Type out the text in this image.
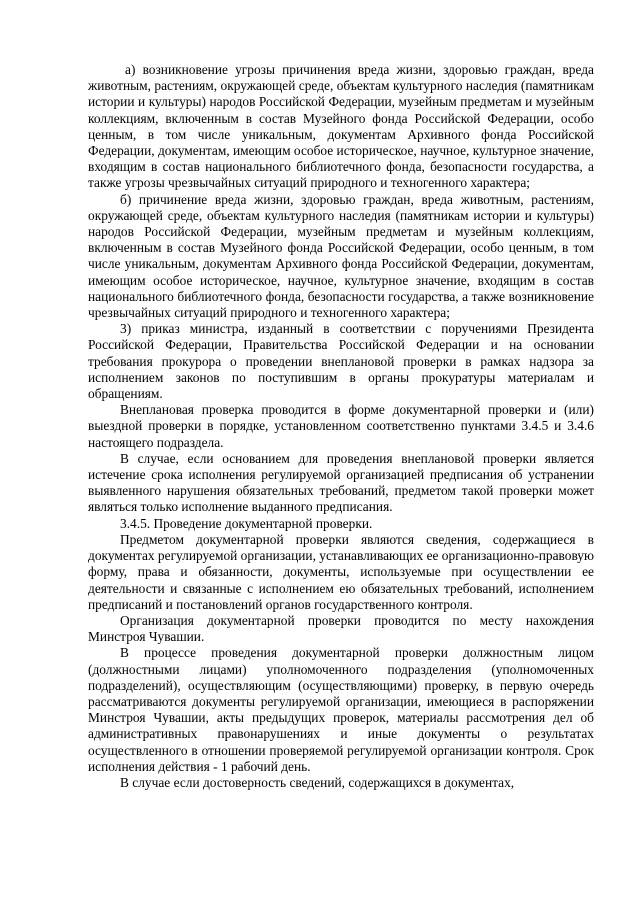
а) возникновение угрозы причинения вреда жизни, здоровью граждан, вреда животным, растениям, окружающей среде, объектам культурного наследия (памятникам истории и культуры) народов Российской Федерации, музейным предметам и музейным коллекциям, включенным в состав Музейного фонда Российской Федерации, особо ценным, в том числе уникальным, документам Архивного фонда Российской Федерации, документам, имеющим особое историческое, научное, культурное значение, входящим в состав национального библиотечного фонда, безопасности государства, а также угрозы чрезвычайных ситуаций природного и техногенного характера;

б) причинение вреда жизни, здоровью граждан, вреда животным, растениям, окружающей среде, объектам культурного наследия (памятникам истории и культуры) народов Российской Федерации, музейным предметам и музейным коллекциям, включенным в состав Музейного фонда Российской Федерации, особо ценным, в том числе уникальным, документам Архивного фонда Российской Федерации, документам, имеющим особое историческое, научное, культурное значение, входящим в состав национального библиотечного фонда, безопасности государства, а также возникновение чрезвычайных ситуаций природного и техногенного характера;

3) приказ министра, изданный в соответствии с поручениями Президента Российской Федерации, Правительства Российской Федерации и на основании требования прокурора о проведении внеплановой проверки в рамках надзора за исполнением законов по поступившим в органы прокуратуры материалам и обращениям.

Внеплановая проверка проводится в форме документарной проверки и (или) выездной проверки в порядке, установленном соответственно пунктами 3.4.5 и 3.4.6 настоящего подраздела.

В случае, если основанием для проведения внеплановой проверки является истечение срока исполнения регулируемой организацией предписания об устранении выявленного нарушения обязательных требований, предметом такой проверки может являться только исполнение выданного предписания.

3.4.5. Проведение документарной проверки.

Предметом документарной проверки являются сведения, содержащиеся в документах регулируемой организации, устанавливающих ее организационно-правовую форму, права и обязанности, документы, используемые при осуществлении ее деятельности и связанные с исполнением ею обязательных требований, исполнением предписаний и постановлений органов государственного контроля.

Организация документарной проверки проводится по месту нахождения Минстроя Чувашии.

В процессе проведения документарной проверки должностным лицом (должностными лицами) уполномоченного подразделения (уполномоченных подразделений), осуществляющим (осуществляющими) проверку, в первую очередь рассматриваются документы регулируемой организации, имеющиеся в распоряжении Минстроя Чувашии, акты предыдущих проверок, материалы рассмотрения дел об административных правонарушениях и иные документы о результатах осуществленного в отношении проверяемой регулируемой организации контроля. Срок исполнения действия - 1 рабочий день.

В случае если достоверность сведений, содержащихся в документах,
